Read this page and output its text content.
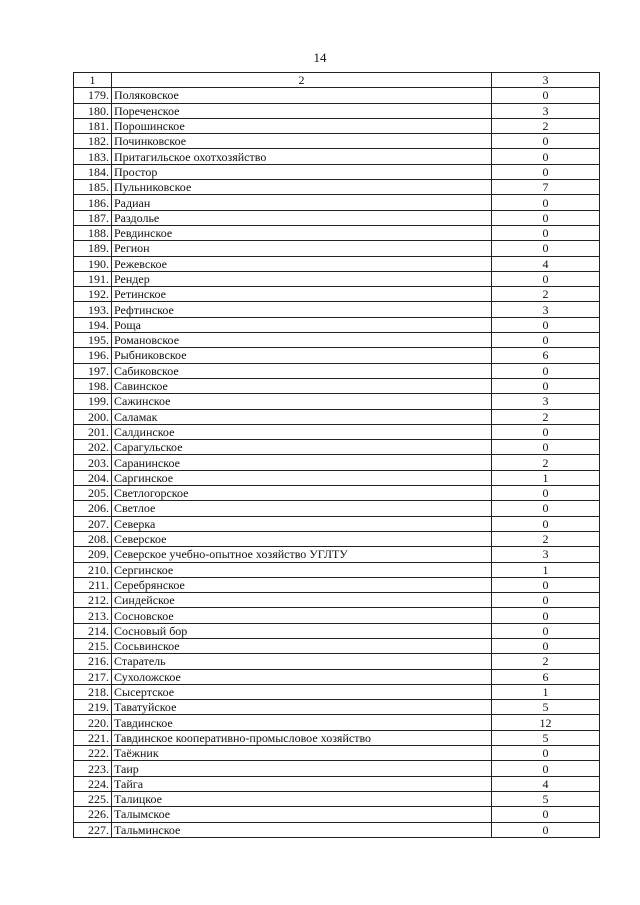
14
1	2	3
179.	Поляковское	0
180.	Пореченское	3
181.	Порошинское	2
182.	Починковское	0
183.	Притагильское охотхозяйство	0
184.	Простор	0
185.	Пульниковское	7
186.	Радиан	0
187.	Раздолье	0
188.	Ревдинское	0
189.	Регион	0
190.	Режевское	4
191.	Рендер	0
192.	Ретинское	2
193.	Рефтинское	3
194.	Роща	0
195.	Романовское	0
196.	Рыбниковское	6
197.	Сабиковское	0
198.	Савинское	0
199.	Сажинское	3
200.	Саламак	2
201.	Салдинское	0
202.	Сарагульское	0
203.	Саранинское	2
204.	Саргинское	1
205.	Светлогорское	0
206.	Светлое	0
207.	Северка	0
208.	Северское	2
209.	Северское учебно-опытное хозяйство УГЛТУ	3
210.	Сергинское	1
211.	Серебрянское	0
212.	Синдейское	0
213.	Сосновское	0
214.	Сосновый бор	0
215.	Сосьвинское	0
216.	Старатель	2
217.	Сухоложское	6
218.	Сысертское	1
219.	Таватуйское	5
220.	Тавдинское	12
221.	Тавдинское кооперативно-промысловое хозяйство	5
222.	Таёжник	0
223.	Таир	0
224.	Тайга	4
225.	Талицкое	5
226.	Талымское	0
227.	Тальминское	0
